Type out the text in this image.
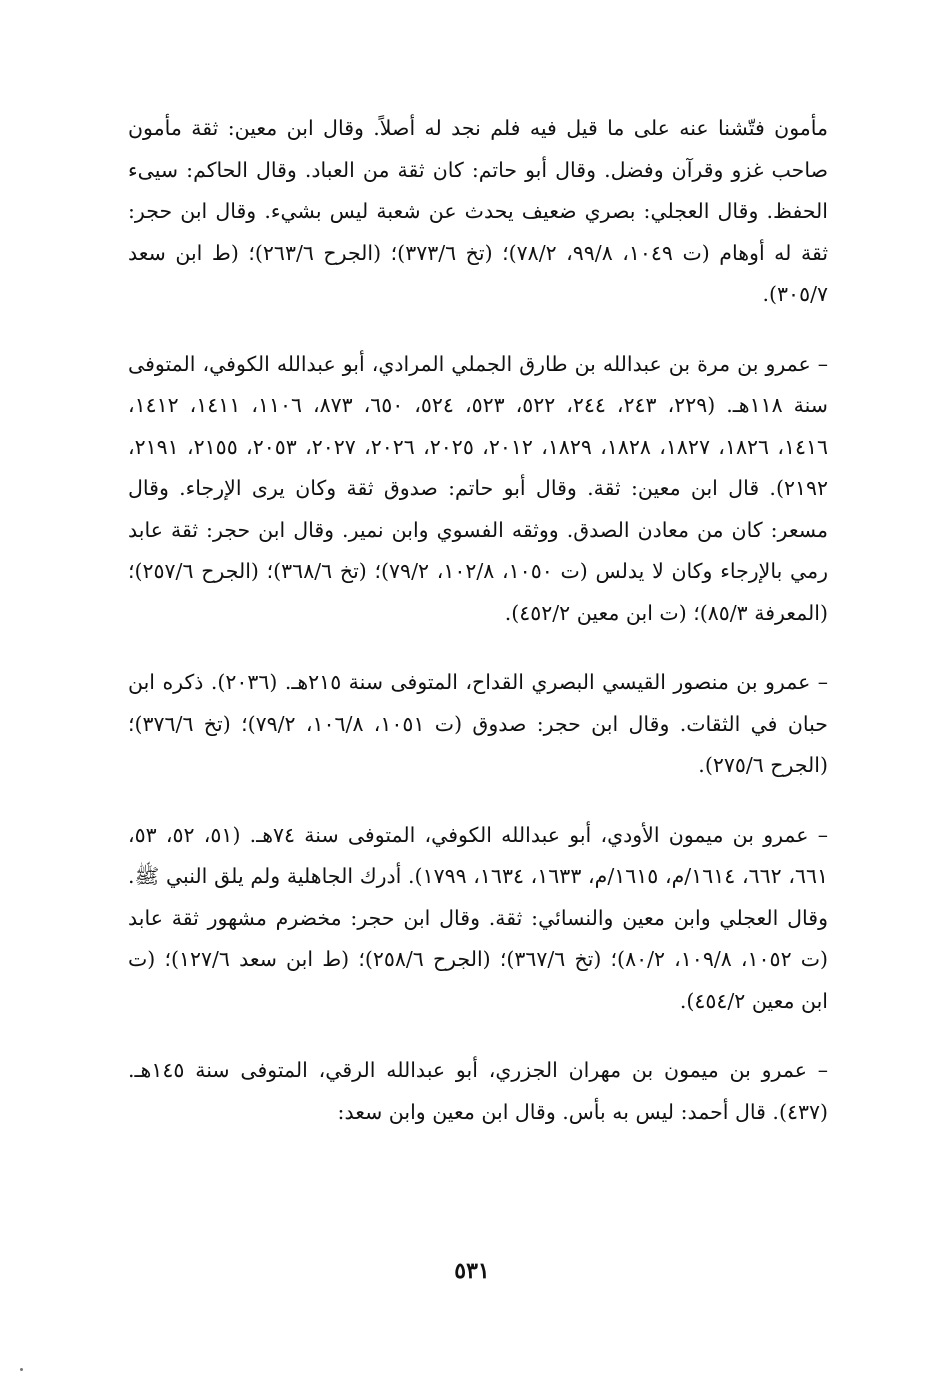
مأمون فتّشنا عنه على ما قيل فيه فلم نجد له أصلاً. وقال ابن معين: ثقة مأمون صاحب غزو وقرآن وفضل. وقال أبو حاتم: كان ثقة من العباد. وقال الحاكم: سيىء الحفظ. وقال العجلي: بصري ضعيف يحدث عن شعبة ليس بشيء. وقال ابن حجر: ثقة له أوهام (ت ١٠٤٩، ٩٩/٨، ٧٨/٢)؛ (تخ ٣٧٣/٦)؛ (الجرح ٢٦٣/٦)؛ (ط ابن سعد ٣٠٥/٧).

– عمرو بن مرة بن عبدالله بن طارق الجملي المرادي، أبو عبدالله الكوفي، المتوفى سنة ١١٨هـ. (٢٢٩، ٢٤٣، ٢٤٤، ٥٢٢، ٥٢٣، ٥٢٤، ٦٥٠، ٨٧٣، ١١٠٦، ١٤١١، ١٤١٢، ١٤١٦، ١٨٢٦، ١٨٢٧، ١٨٢٨، ١٨٢٩، ٢٠١٢، ٢٠٢٥، ٢٠٢٦، ٢٠٢٧، ٢٠٥٣، ٢١٥٥، ٢١٩١، ٢١٩٢). قال ابن معين: ثقة. وقال أبو حاتم: صدوق ثقة وكان يرى الإرجاء. وقال مسعر: كان من معادن الصدق. ووثقه الفسوي وابن نمير. وقال ابن حجر: ثقة عابد رمي بالإرجاء وكان لا يدلس (ت ١٠٥٠، ١٠٢/٨، ٧٩/٢)؛ (تخ ٣٦٨/٦)؛ (الجرح ٢٥٧/٦)؛ (المعرفة ٨٥/٣)؛ (ت ابن معين ٤٥٢/٢).

– عمرو بن منصور القيسي البصري القداح، المتوفى سنة ٢١٥هـ. (٢٠٣٦). ذكره ابن حبان في الثقات. وقال ابن حجر: صدوق (ت ١٠٥١، ١٠٦/٨، ٧٩/٢)؛ (تخ ٣٧٦/٦)؛ (الجرح ٢٧٥/٦).

– عمرو بن ميمون الأودي، أبو عبدالله الكوفي، المتوفى سنة ٧٤هـ. (٥١، ٥٢، ٥٣، ٦٦١، ٦٦٢، ١٦١٤/م، ١٦١٥/م، ١٦٣٣، ١٦٣٤، ١٧٩٩). أدرك الجاهلية ولم يلق النبي ﷺ. وقال العجلي وابن معين والنسائي: ثقة. وقال ابن حجر: مخضرم مشهور ثقة عابد (ت ١٠٥٢، ١٠٩/٨، ٨٠/٢)؛ (تخ ٣٦٧/٦)؛ (الجرح ٢٥٨/٦)؛ (ط ابن سعد ١٢٧/٦)؛ (ت ابن معين ٤٥٤/٢).

– عمرو بن ميمون بن مهران الجزري، أبو عبدالله الرقي، المتوفى سنة ١٤٥هـ. (٤٣٧). قال أحمد: ليس به بأس. وقال ابن معين وابن سعد:

٥٣١
